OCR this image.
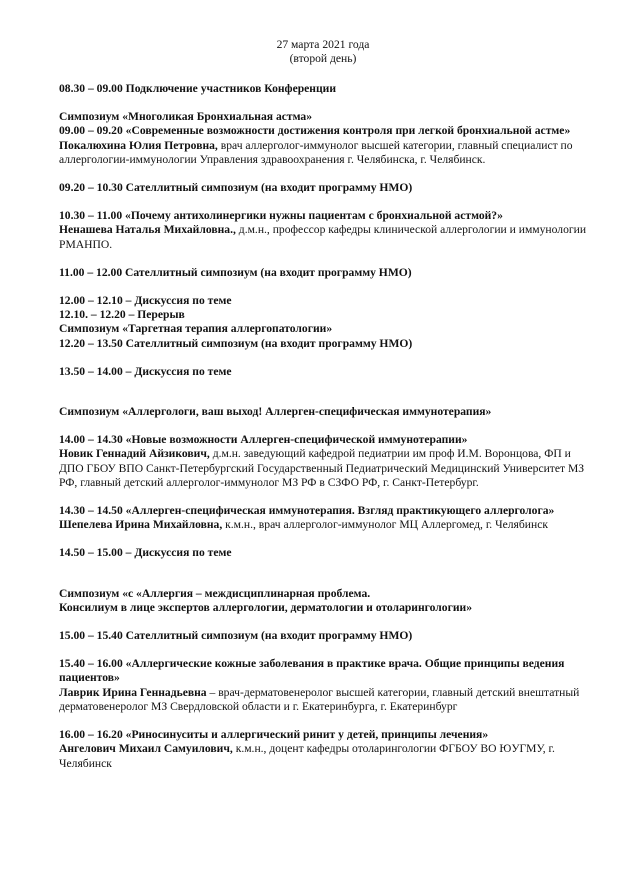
27 марта 2021 года
(второй день)

08.30 – 09.00 Подключение участников Конференции

Симпозиум «Многоликая Бронхиальная астма»

09.00 – 09.20 «Современные возможности достижения контроля при легкой бронхиальной астме»

Покалюхина Юлия Петровна, врач аллерголог-иммунолог высшей категории, главный специалист по аллергологии-иммунологии Управления здравоохранения г. Челябинска, г. Челябинск.

09.20 – 10.30 Сателлитный симпозиум (на входит программу НМО)

10.30 – 11.00 «Почему антихолинергики нужны пациентам с бронхиальной астмой?»

Ненашева Наталья Михайловна., д.м.н., профессор кафедры клинической аллергологии и иммунологии РМАНПО.

11.00 – 12.00 Сателлитный симпозиум (на входит программу НМО)

12.00 – 12.10 – Дискуссия по теме

12.10. – 12.20 – Перерыв

Симпозиум «Таргетная терапия аллергопатологии»

12.20 – 13.50 Сателлитный симпозиум (на входит программу НМО)

13.50 – 14.00 – Дискуссия по теме

Симпозиум «Аллергологи, ваш выход! Аллерген-специфическая иммунотерапия»

14.00 – 14.30 «Новые возможности Аллерген-специфической иммунотерапии»

Новик Геннадий Айзикович, д.м.н. заведующий кафедрой педиатрии им проф И.М. Воронцова, ФП и ДПО ГБОУ ВПО Санкт-Петербургский Государственный Педиатрический Медицинский Университет МЗ РФ, главный детский аллерголог-иммунолог МЗ РФ в СЗФО РФ, г. Санкт-Петербург.

14.30 – 14.50 «Аллерген-специфическая иммунотерапия. Взгляд практикующего аллерголога»

Шепелева Ирина Михайловна, к.м.н., врач аллерголог-иммунолог МЦ Аллергомед, г. Челябинск

14.50 – 15.00 – Дискуссия по теме

Симпозиум «с «Аллергия – междисциплинарная проблема.

Консилиум в лице экспертов аллергологии, дерматологии и отоларингологии»

15.00 – 15.40 Сателлитный симпозиум (на входит программу НМО)

15.40 – 16.00 «Аллергические кожные заболевания в практике врача. Общие принципы ведения пациентов»

Лаврик Ирина Геннадьевна – врач-дерматовенеролог высшей категории, главный детский внештатный дерматовенеролог МЗ Свердловской области и г. Екатеринбурга, г. Екатеринбург

16.00 – 16.20 «Риносинуситы и аллергический ринит у детей, принципы лечения»

Ангелович Михаил Самуилович, к.м.н., доцент кафедры отоларингологии ФГБОУ ВО ЮУГМУ, г. Челябинск
